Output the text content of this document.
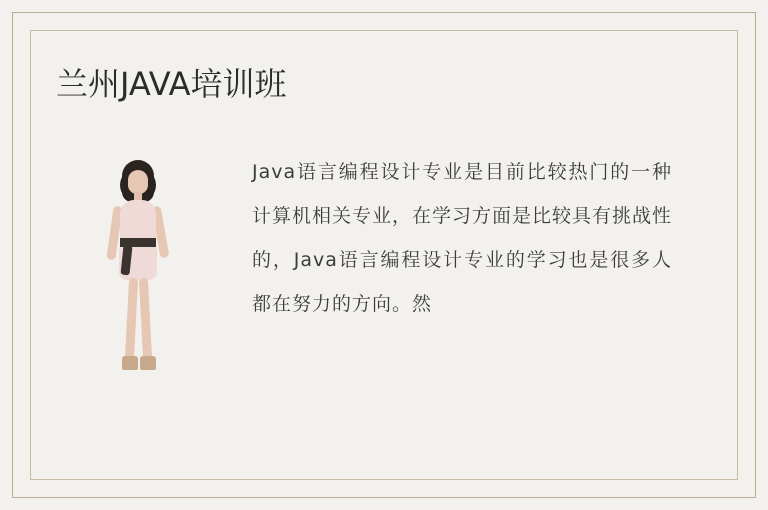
兰州JAVA培训班
Java语言编程设计专业是目前比较热门的一种计算机相关专业，在学习方面是比较具有挑战性的，Java语言编程设计专业的学习也是很多人都在努力的方向。然
